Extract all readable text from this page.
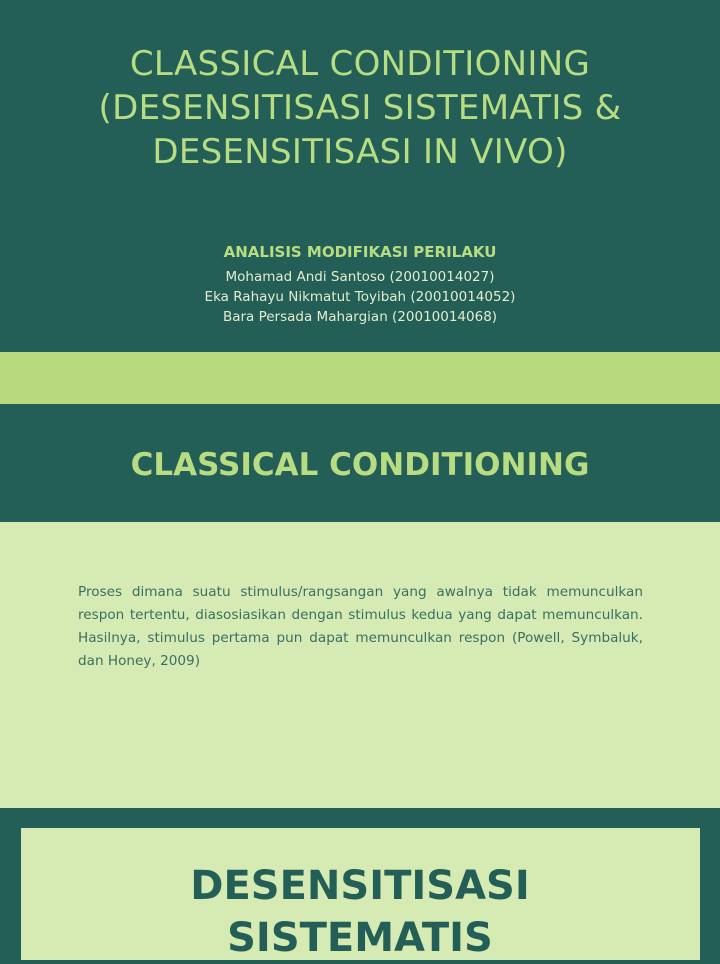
CLASSICAL CONDITIONING
(DESENSITISASI SISTEMATIS &
DESENSITISASI IN VIVO)

ANALISIS MODIFIKASI PERILAKU

Mohamad Andi Santoso (20010014027)
Eka Rahayu Nikmatut Toyibah (20010014052)
Bara Persada Mahargian (20010014068)
CLASSICAL CONDITIONING

Proses dimana suatu stimulus/rangsangan yang awalnya tidak memunculkan respon tertentu, diasosiasikan dengan stimulus kedua yang dapat memunculkan. Hasilnya, stimulus pertama pun dapat memunculkan respon (Powell, Symbaluk, dan Honey, 2009)

DESENSITISASI
SISTEMATIS
